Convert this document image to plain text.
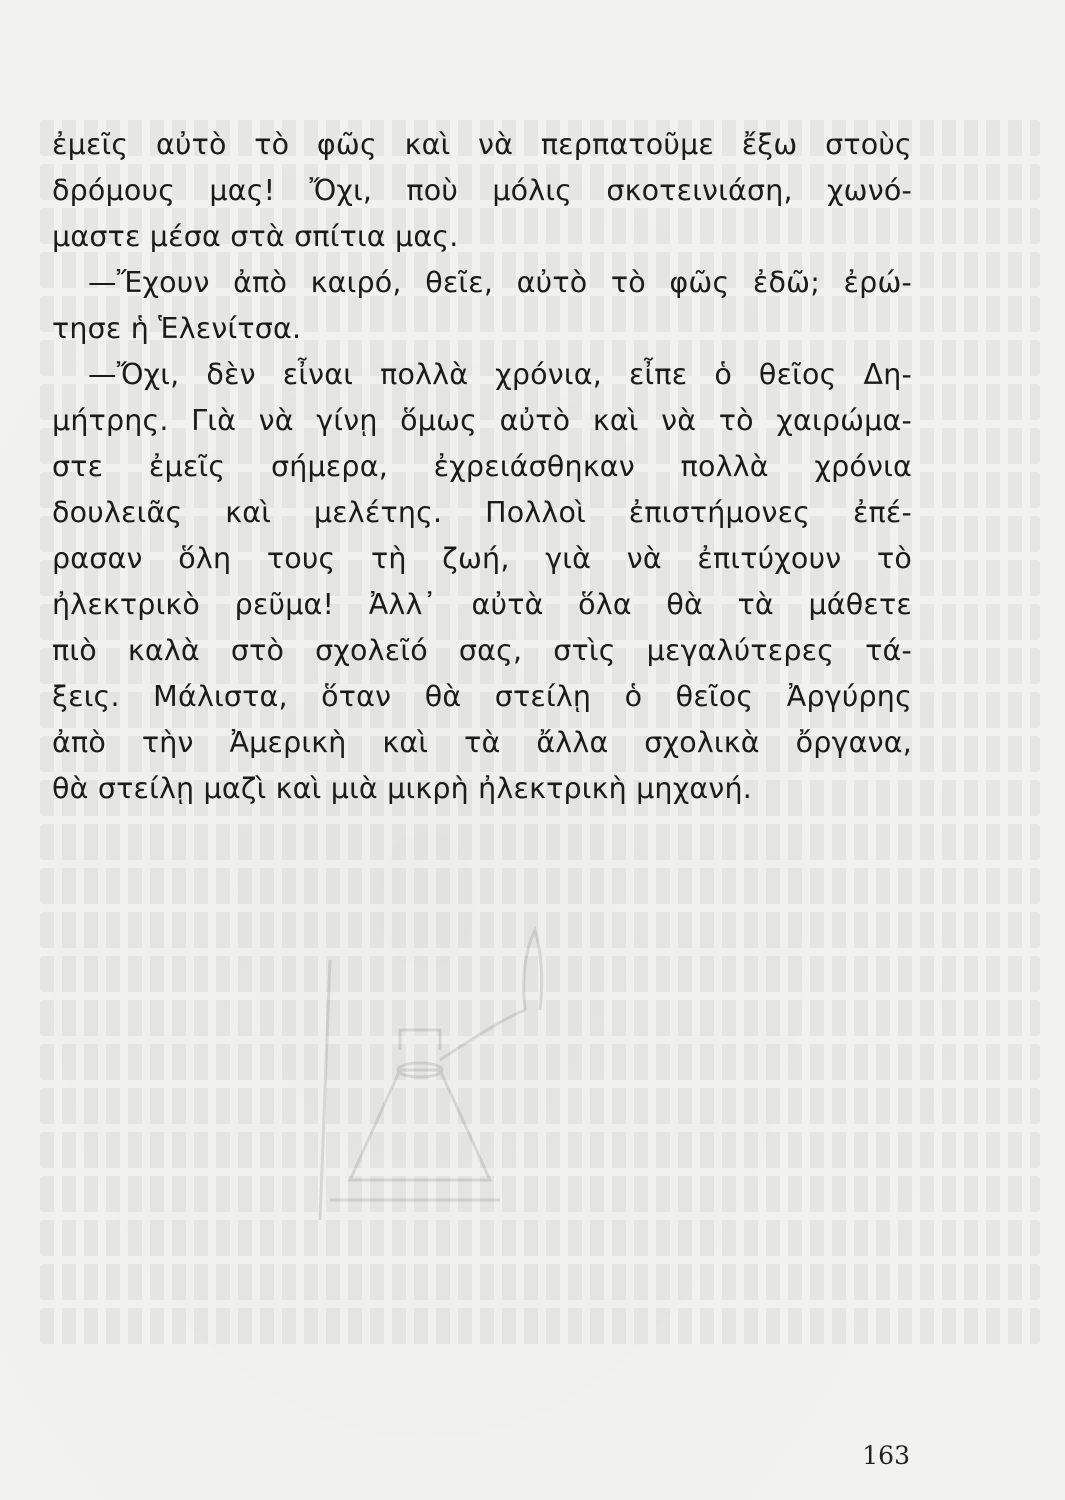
ἐμεῖς αὐτὸ τὸ φῶς καὶ νὰ περπατοῦμε ἔξω στοὺς
δρόμους μας! Ὄχι, ποὺ μόλις σκοτεινιάση, χωνό-
μαστε μέσα στὰ σπίτια μας.
—Ἔχουν ἀπὸ καιρό, θεῖε, αὐτὸ τὸ φῶς ἐδῶ; ἐρώ-
τησε ἡ Ἑλενίτσα.
—Ὄχι, δὲν εἶναι πολλὰ χρόνια, εἶπε ὁ θεῖος Δη-
μήτρης. Γιὰ νὰ γίνῃ ὅμως αὐτὸ καὶ νὰ τὸ χαιρώμα-
στε ἐμεῖς σήμερα, ἐχρειάσθηκαν πολλὰ χρόνια
δουλειᾶς καὶ μελέτης. Πολλοὶ ἐπιστήμονες ἐπέ-
ρασαν ὅλη τους τὴ ζωή, γιὰ νὰ ἐπιτύχουν τὸ
ἠλεκτρικὸ ρεῦμα! Ἀλλ᾽ αὐτὰ ὅλα θὰ τὰ μάθετε
πιὸ καλὰ στὸ σχολεῖό σας, στὶς μεγαλύτερες τά-
ξεις. Μάλιστα, ὅταν θὰ στείλῃ ὁ θεῖος Ἀργύρης
ἀπὸ τὴν Ἀμερικὴ καὶ τὰ ἄλλα σχολικὰ ὄργανα,
θὰ στείλῃ μαζὶ καὶ μιὰ μικρὴ ἠλεκτρικὴ μηχανή.
163
